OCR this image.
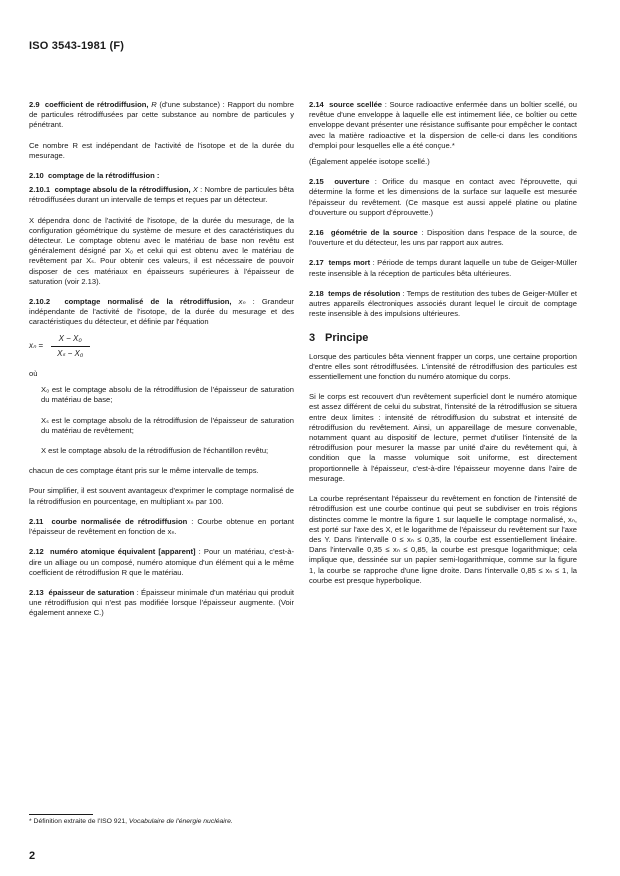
ISO 3543-1981 (F)

2.9 coefficient de rétrodiffusion, R (d'une substance) : Rapport du nombre de particules rétrodiffusées par cette substance au nombre de particules y pénétrant.

Ce nombre R est indépendant de l'activité de l'isotope et de la durée du mesurage.

2.10 comptage de la rétrodiffusion :

2.10.1 comptage absolu de la rétrodiffusion, X : Nombre de particules bêta rétrodiffusées durant un intervalle de temps et reçues par un détecteur.

X dépendra donc de l'activité de l'isotope, de la durée du mesurage, de la configuration géométrique du système de mesure et des caractéristiques du détecteur. Le comptage obtenu avec le matériau de base non revêtu est généralement désigné par X₀ et celui qui est obtenu avec le matériau de revêtement par Xₛ. Pour obtenir ces valeurs, il est nécessaire de pouvoir disposer de ces matériaux en épaisseurs supérieures à l'épaisseur de saturation (voir 2.13).

2.10.2 comptage normalisé de la rétrodiffusion, xₙ : Grandeur indépendante de l'activité de l'isotope, de la durée du mesurage et des caractéristiques du détecteur, et définie par l'équation

$x_n = \frac{\text{X − X₀}}{\text{Xₛ − X₀}}$

où

X₀ est le comptage absolu de la rétrodiffusion de l'épaisseur de saturation du matériau de base;

Xₛ est le comptage absolu de la rétrodiffusion de l'épaisseur de saturation du matériau de revêtement;

X est le comptage absolu de la rétrodiffusion de l'échantillon revêtu;

chacun de ces comptage étant pris sur le même intervalle de temps.

Pour simplifier, il est souvent avantageux d'exprimer le comptage normalisé de la rétrodiffusion en pourcentage, en multipliant xₙ par 100.

2.11 courbe normalisée de rétrodiffusion : Courbe obtenue en portant l'épaisseur de revêtement en fonction de xₙ.

2.12 numéro atomique équivalent [apparent] : Pour un matériau, c'est-à-dire un alliage ou un composé, numéro atomique d'un élément qui a le même coefficient de rétrodiffusion R que le matériau.

2.13 épaisseur de saturation : Épaisseur minimale d'un matériau qui produit une rétrodiffusion qui n'est pas modifiée lorsque l'épaisseur augmente. (Voir également annexe C.)

2.14 source scellée : Source radioactive enfermée dans un boîtier scellé, ou revêtue d'une enveloppe à laquelle elle est intimement liée, ce boîtier ou cette enveloppe devant présenter une résistance suffisante pour empêcher le contact avec la matière radioactive et la dispersion de celle-ci dans les conditions d'emploi pour lesquelles elle a été conçue.*

(Également appelée isotope scellé.)

2.15 ouverture : Orifice du masque en contact avec l'éprouvette, qui détermine la forme et les dimensions de la surface sur laquelle est mesurée l'épaisseur du revêtement. (Ce masque est aussi appelé platine ou platine d'ouverture ou support d'éprouvette.)

2.16 géométrie de la source : Disposition dans l'espace de la source, de l'ouverture et du détecteur, les uns par rapport aux autres.

2.17 temps mort : Période de temps durant laquelle un tube de Geiger-Müller reste insensible à la réception de particules bêta ultérieures.

2.18 temps de résolution : Temps de restitution des tubes de Geiger-Müller et autres appareils électroniques associés durant lequel le circuit de comptage reste insensible à des impulsions ultérieures.

3 Principe

Lorsque des particules bêta viennent frapper un corps, une certaine proportion d'entre elles sont rétrodiffusées. L'intensité de rétrodiffusion des particules est essentiellement une fonction du numéro atomique du corps.

Si le corps est recouvert d'un revêtement superficiel dont le numéro atomique est assez différent de celui du substrat, l'intensité de la rétrodiffusion se situera entre deux limites : intensité de rétrodiffusion du substrat et intensité de rétrodiffusion du revêtement. Ainsi, un appareillage de mesure convenable, notamment quant au dispositif de lecture, permet d'utiliser l'intensité de la rétrodiffusion pour mesurer la masse par unité d'aire du revêtement qui, à condition que la masse volumique soit uniforme, est directement proportionnelle à l'épaisseur, c'est-à-dire l'épaisseur moyenne dans l'aire de mesurage.

La courbe représentant l'épaisseur du revêtement en fonction de l'intensité de rétrodiffusion est une courbe continue qui peut se subdiviser en trois régions distinctes comme le montre la figure 1 sur laquelle le comptage normalisé, xₙ, est porté sur l'axe des X, et le logarithme de l'épaisseur du revêtement sur l'axe des Y. Dans l'intervalle 0 ≤ xₙ ≤ 0,35, la courbe est essentiellement linéaire. Dans l'intervalle 0,35 ≤ xₙ ≤ 0,85, la courbe est presque logarithmique; cela implique que, dessinée sur un papier semi-logarithmique, comme sur la figure 1, la courbe se rapproche d'une ligne droite. Dans l'intervalle 0,85 ≤ xₙ ≤ 1, la courbe est presque hyperbolique.

* Définition extraite de l'ISO 921, Vocabulaire de l'énergie nucléaire.
2
